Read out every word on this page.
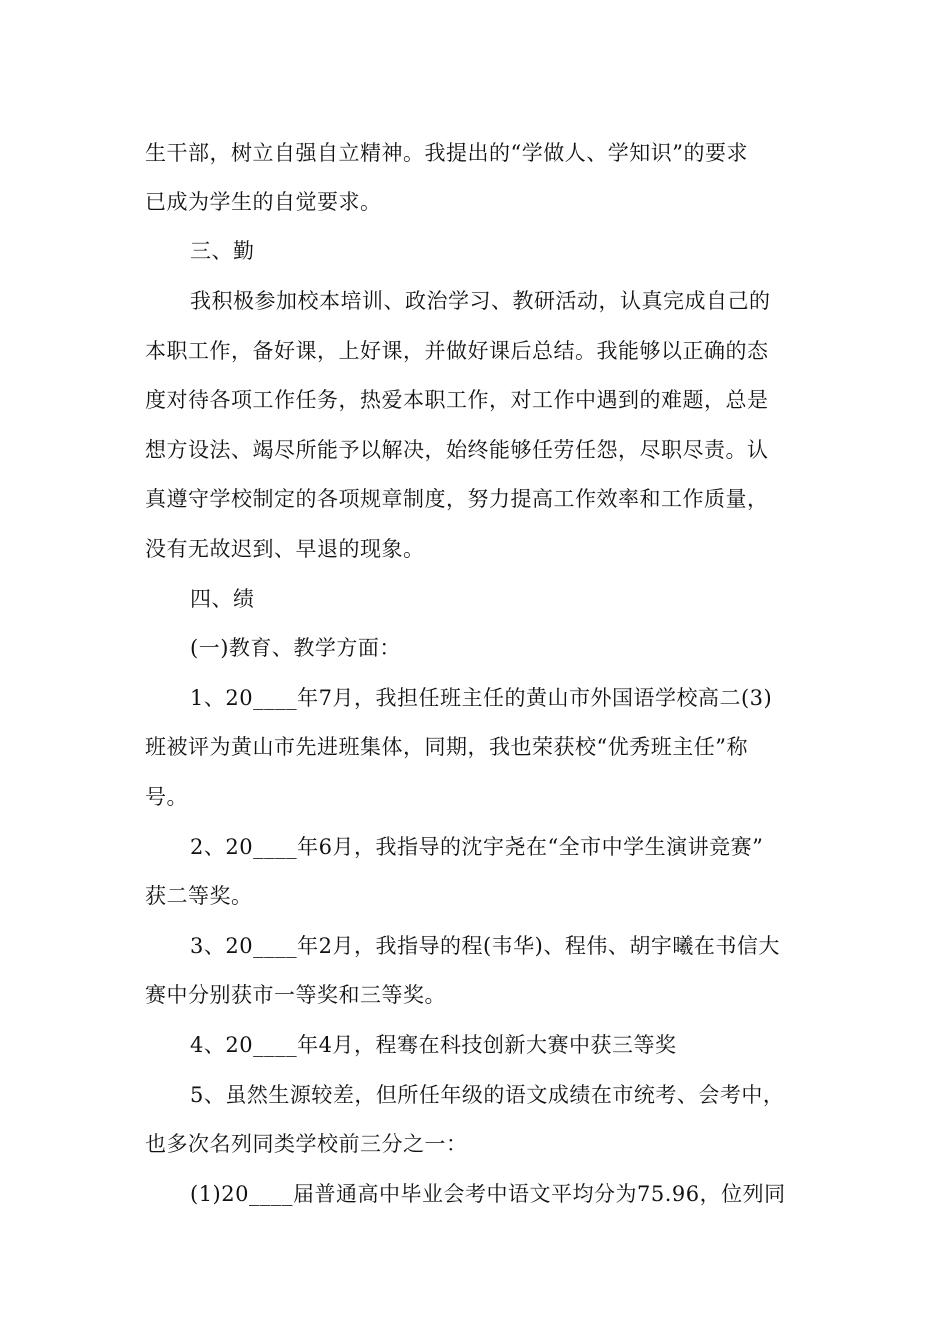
生干部，树立自强自立精神。我提出的“学做人、学知识”的要求
已成为学生的自觉要求。
三、勤
我积极参加校本培训、政治学习、教研活动，认真完成自己的
本职工作，备好课，上好课，并做好课后总结。我能够以正确的态
度对待各项工作任务，热爱本职工作，对工作中遇到的难题，总是
想方设法、竭尽所能予以解决，始终能够任劳任怨，尽职尽责。认
真遵守学校制定的各项规章制度，努力提高工作效率和工作质量，
没有无故迟到、早退的现象。
四、绩
(一)教育、教学方面：
1、20____年7月，我担任班主任的黄山市外国语学校高二(3)
班被评为黄山市先进班集体，同期，我也荣获校“优秀班主任”称
号。
2、20____年6月，我指导的沈宇尧在“全市中学生演讲竞赛”
获二等奖。
3、20____年2月，我指导的程(韦华)、程伟、胡宇曦在书信大
赛中分别获市一等奖和三等奖。
4、20____年4月，程骞在科技创新大赛中获三等奖
5、虽然生源较差，但所任年级的语文成绩在市统考、会考中，
也多次名列同类学校前三分之一：
(1)20____届普通高中毕业会考中语文平均分为75.96，位列同
